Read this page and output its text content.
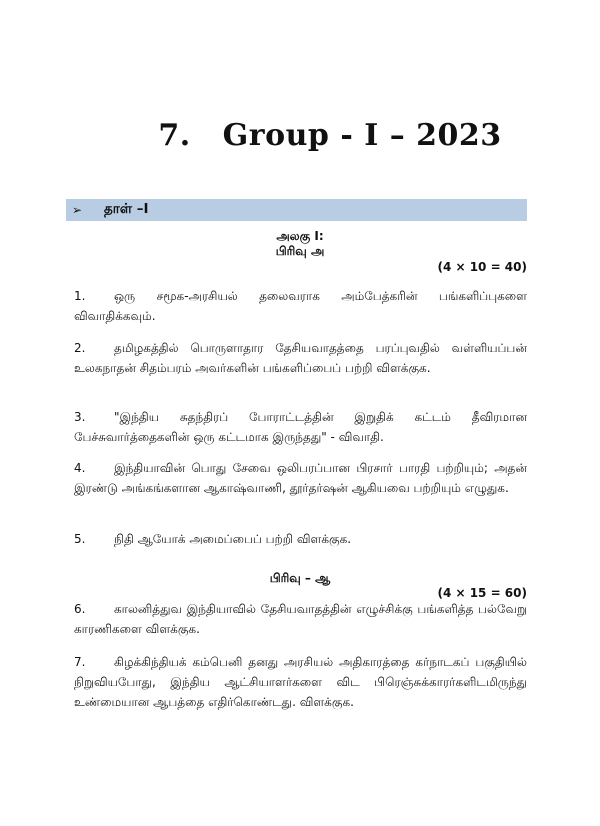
7. Group - I – 2023
➢	தாள் –I
அலகு I:
பிரிவு அ
(4 × 10 = 40)
1. ஒரு சமூக-அரசியல் தலைவராக அம்பேத்கரின் பங்களிப்புகளை விவாதிக்கவும்.
2. தமிழகத்தில் பொருளாதார தேசியவாதத்தை பரப்புவதில் வள்ளியப்பன் உலகநாதன் சிதம்பரம் அவர்களின் பங்களிப்பைப் பற்றி விளக்குக.
3. "இந்திய சுதந்திரப் போராட்டத்தின் இறுதிக் கட்டம் தீவிரமான பேச்சுவார்த்தைகளின் ஒரு கட்டமாக இருந்தது" - விவாதி.
4. இந்தியாவின் பொது சேவை ஒலிபரப்பான பிரசார் பாரதி பற்றியும்; அதன் இரண்டு அங்கங்களான ஆகாஷ்வாணி, தூர்தர்ஷன் ஆகியவை பற்றியும் எழுதுக.
5. நிதி ஆயோக் அமைப்பைப் பற்றி விளக்குக.
பிரிவு – ஆ
(4 × 15 = 60)
6. காலனித்துவ இந்தியாவில் தேசியவாதத்தின் எழுச்சிக்கு பங்களித்த பல்வேறு காரணிகளை விளக்குக.
7. கிழக்கிந்தியக் கம்பெனி தனது அரசியல் அதிகாரத்தை கர்நாடகப் பகுதியில் நிறுவியபோது, இந்திய ஆட்சியாளர்களை விட பிரெஞ்சுக்காரர்களிடமிருந்து உண்மையான ஆபத்தை எதிர்கொண்டது. விளக்குக.
